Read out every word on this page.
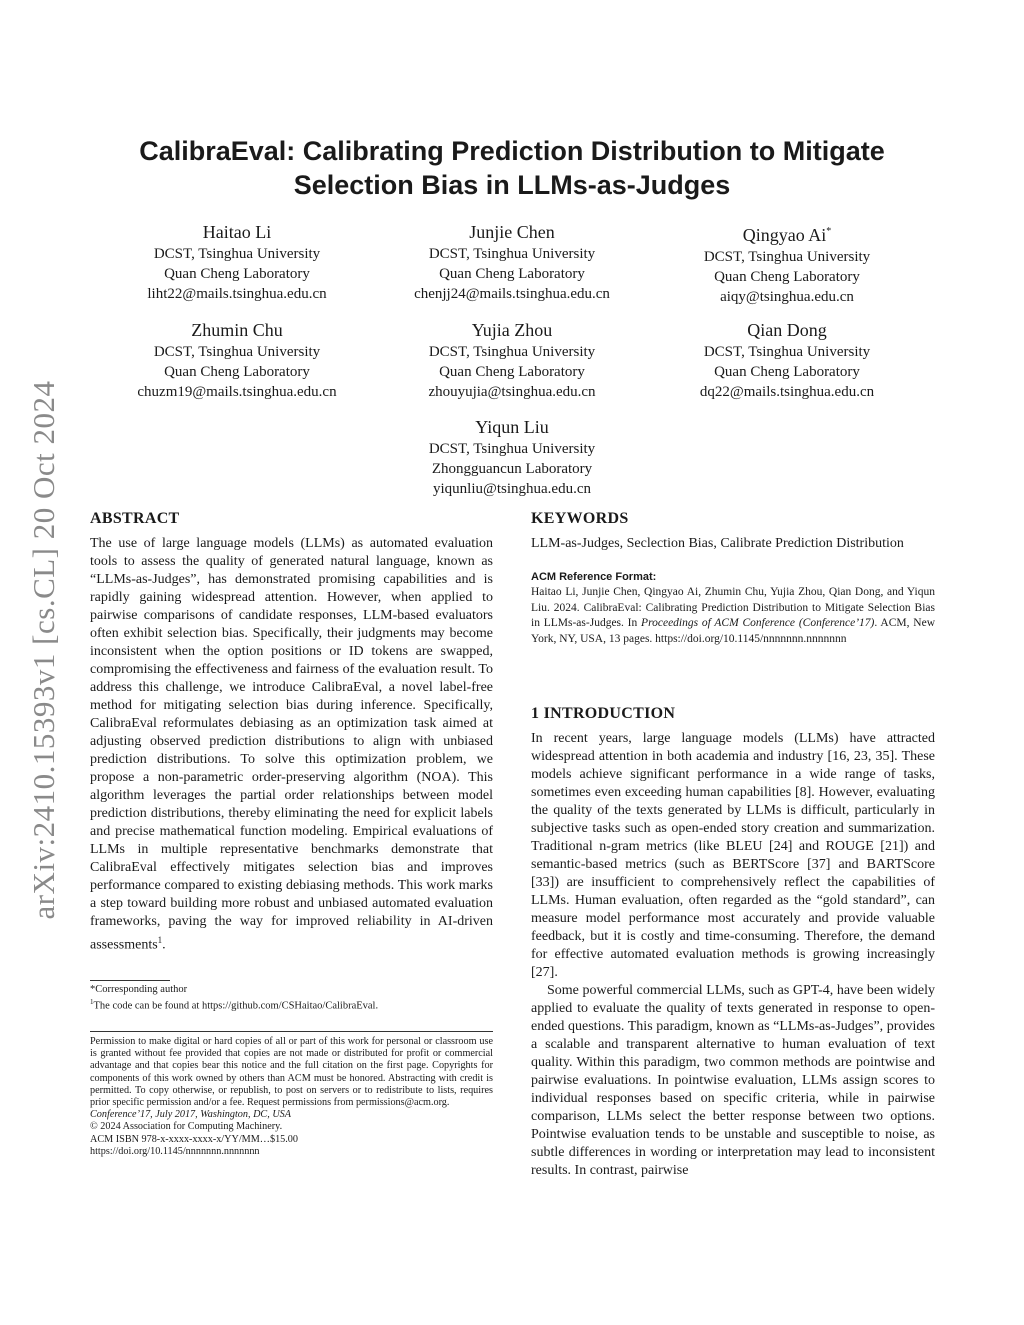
arXiv:2410.15393v1 [cs.CL] 20 Oct 2024
CalibraEval: Calibrating Prediction Distribution to Mitigate
Selection Bias in LLMs-as-Judges
Haitao Li
DCST, Tsinghua University
Quan Cheng Laboratory
liht22@mails.tsinghua.edu.cn
Junjie Chen
DCST, Tsinghua University
Quan Cheng Laboratory
chenjj24@mails.tsinghua.edu.cn
Qingyao Ai*
DCST, Tsinghua University
Quan Cheng Laboratory
aiqy@tsinghua.edu.cn
Zhumin Chu
DCST, Tsinghua University
Quan Cheng Laboratory
chuzm19@mails.tsinghua.edu.cn
Yujia Zhou
DCST, Tsinghua University
Quan Cheng Laboratory
zhouyujia@tsinghua.edu.cn
Qian Dong
DCST, Tsinghua University
Quan Cheng Laboratory
dq22@mails.tsinghua.edu.cn
Yiqun Liu
DCST, Tsinghua University
Zhongguancun Laboratory
yiqunliu@tsinghua.edu.cn
ABSTRACT

The use of large language models (LLMs) as automated evaluation tools to assess the quality of generated natural language, known as “LLMs-as-Judges”, has demonstrated promising capabilities and is rapidly gaining widespread attention. However, when applied to pairwise comparisons of candidate responses, LLM-based evaluators often exhibit selection bias. Specifically, their judgments may become inconsistent when the option positions or ID tokens are swapped, compromising the effectiveness and fairness of the evaluation result. To address this challenge, we introduce CalibraEval, a novel label-free method for mitigating selection bias during inference. Specifically, CalibraEval reformulates debiasing as an optimization task aimed at adjusting observed prediction distributions to align with unbiased prediction distributions. To solve this optimization problem, we propose a non-parametric order-preserving algorithm (NOA). This algorithm leverages the partial order relationships between model prediction distributions, thereby eliminating the need for explicit labels and precise mathematical function modeling. Empirical evaluations of LLMs in multiple representative benchmarks demonstrate that CalibraEval effectively mitigates selection bias and improves performance compared to existing debiasing methods. This work marks a step toward building more robust and unbiased automated evaluation frameworks, paving the way for improved reliability in AI-driven assessments$^1$.

*Corresponding author
$^1$The code can be found at https://github.com/CSHaitao/CalibraEval.
Permission to make digital or hard copies of all or part of this work for personal or classroom use is granted without fee provided that copies are not made or distributed for profit or commercial advantage and that copies bear this notice and the full citation on the first page. Copyrights for components of this work owned by others than ACM must be honored. Abstracting with credit is permitted. To copy otherwise, or republish, to post on servers or to redistribute to lists, requires prior specific permission and/or a fee. Request permissions from permissions@acm.org.
Conference’17, July 2017, Washington, DC, USA
© 2024 Association for Computing Machinery.
ACM ISBN 978-x-xxxx-xxxx-x/YY/MM…$15.00
https://doi.org/10.1145/nnnnnnn.nnnnnnn
KEYWORDS

LLM-as-Judges, Seclection Bias, Calibrate Prediction Distribution

ACM Reference Format:

Haitao Li, Junjie Chen, Qingyao Ai, Zhumin Chu, Yujia Zhou, Qian Dong, and Yiqun Liu. 2024. CalibraEval: Calibrating Prediction Distribution to Mitigate Selection Bias in LLMs-as-Judges. In Proceedings of ACM Conference (Conference’17). ACM, New York, NY, USA, 13 pages. https://doi.org/10.1145/nnnnnnn.nnnnnnn

1 INTRODUCTION

In recent years, large language models (LLMs) have attracted widespread attention in both academia and industry [16, 23, 35]. These models achieve significant performance in a wide range of tasks, sometimes even exceeding human capabilities [8]. However, evaluating the quality of the texts generated by LLMs is difficult, particularly in subjective tasks such as open-ended story creation and summarization. Traditional n-gram metrics (like BLEU [24] and ROUGE [21]) and semantic-based metrics (such as BERTScore [37] and BARTScore [33]) are insufficient to comprehensively reflect the capabilities of LLMs. Human evaluation, often regarded as the “gold standard”, can measure model performance most accurately and provide valuable feedback, but it is costly and time-consuming. Therefore, the demand for effective automated evaluation methods is growing increasingly [27].

Some powerful commercial LLMs, such as GPT-4, have been widely applied to evaluate the quality of texts generated in response to open-ended questions. This paradigm, known as “LLMs-as-Judges”, provides a scalable and transparent alternative to human evaluation of text quality. Within this paradigm, two common methods are pointwise and pairwise evaluations. In pointwise evaluation, LLMs assign scores to individual responses based on specific criteria, while in pairwise comparison, LLMs select the better response between two options. Pointwise evaluation tends to be unstable and susceptible to noise, as subtle differences in wording or interpretation may lead to inconsistent results. In contrast, pairwise
